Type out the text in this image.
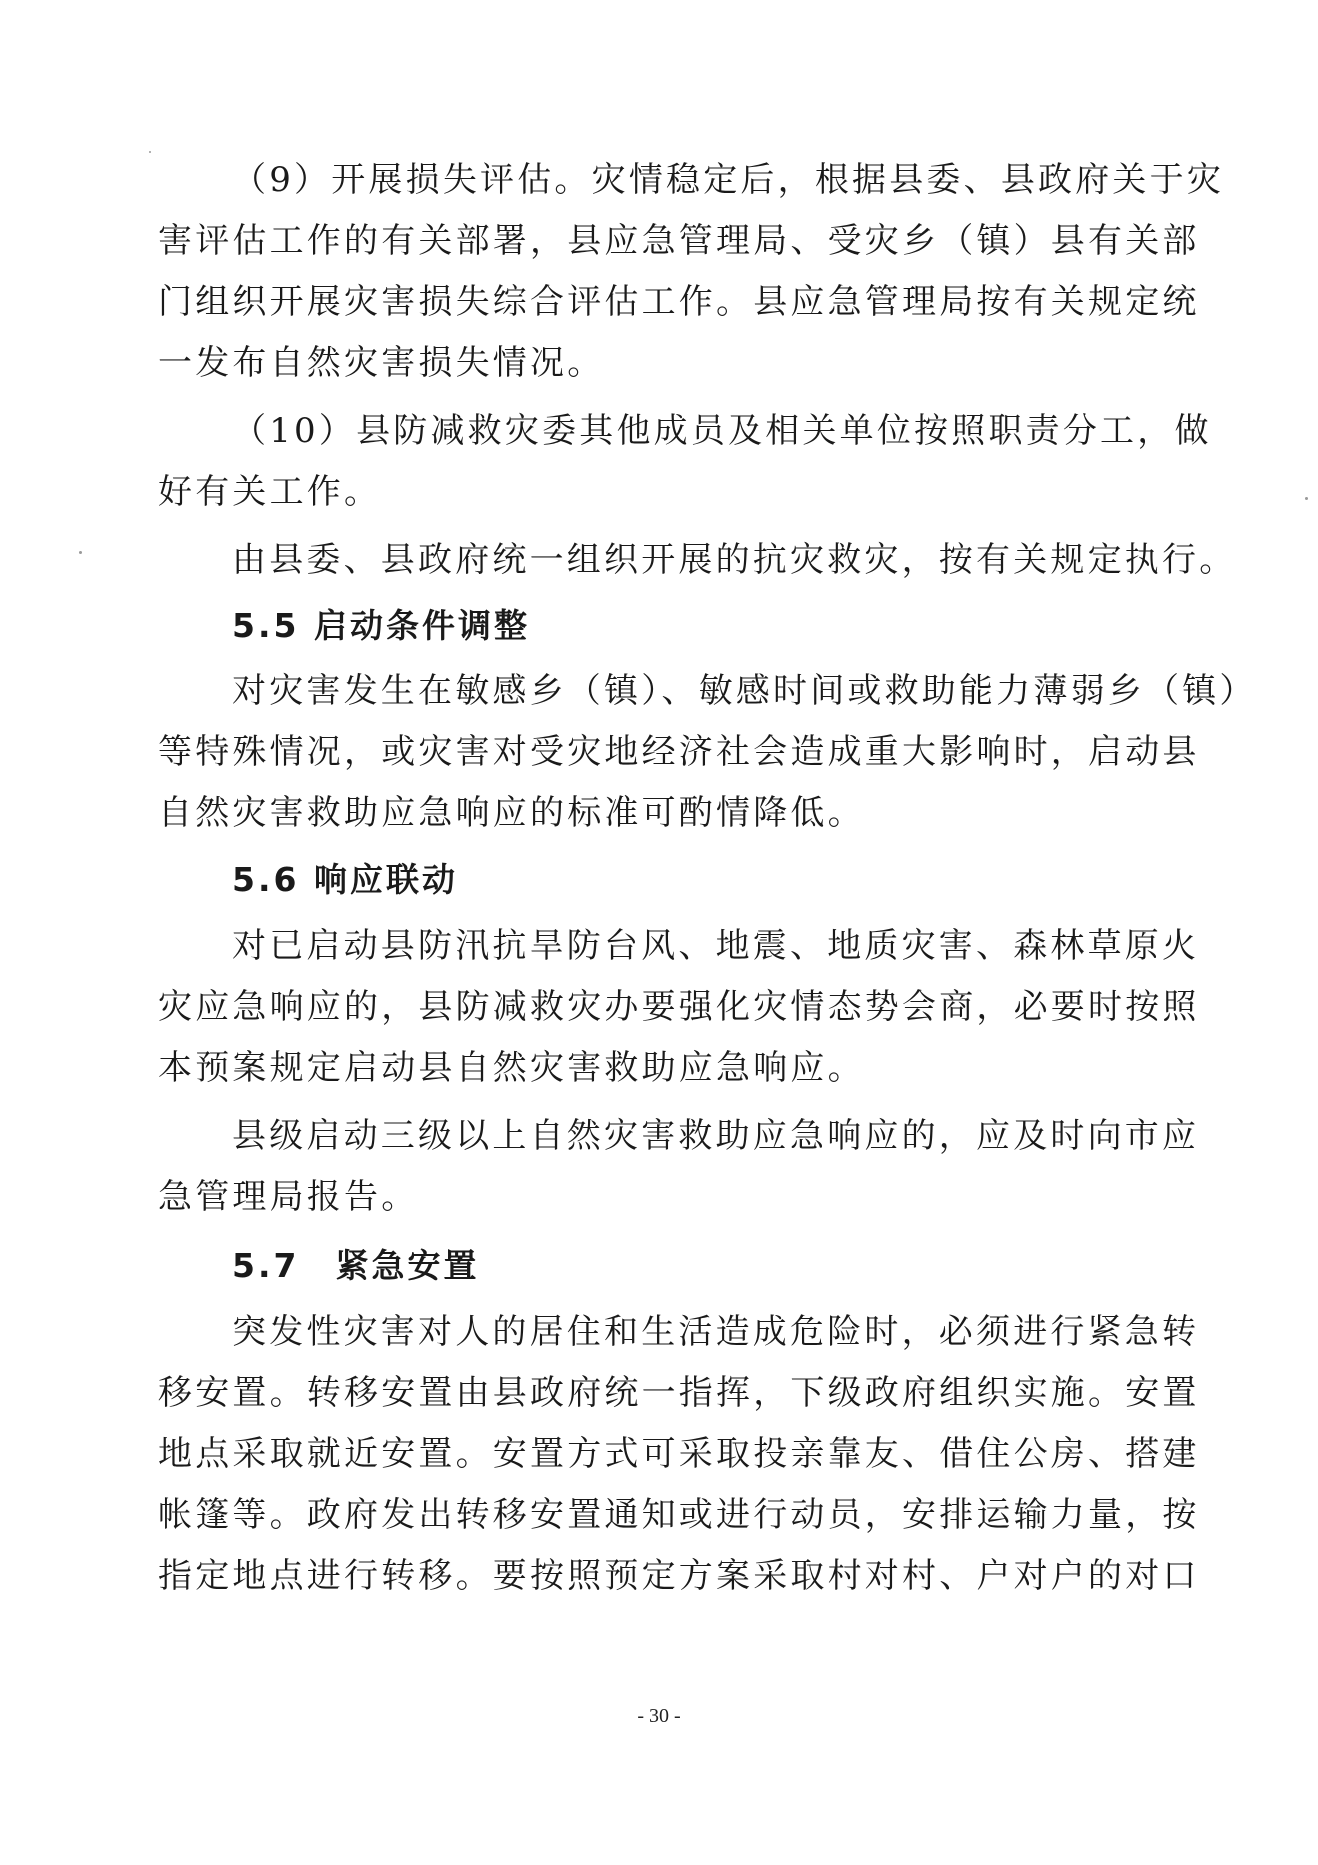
（9）开展损失评估。灾情稳定后，根据县委、县政府关于灾
害评估工作的有关部署，县应急管理局、受灾乡（镇）县有关部
门组织开展灾害损失综合评估工作。县应急管理局按有关规定统
一发布自然灾害损失情况。
（10）县防减救灾委其他成员及相关单位按照职责分工，做
好有关工作。
由县委、县政府统一组织开展的抗灾救灾，按有关规定执行。
5.5 启动条件调整
对灾害发生在敏感乡（镇）、敏感时间或救助能力薄弱乡（镇）
等特殊情况，或灾害对受灾地经济社会造成重大影响时，启动县
自然灾害救助应急响应的标准可酌情降低。
5.6 响应联动
对已启动县防汛抗旱防台风、地震、地质灾害、森林草原火
灾应急响应的，县防减救灾办要强化灾情态势会商，必要时按照
本预案规定启动县自然灾害救助应急响应。
县级启动三级以上自然灾害救助应急响应的，应及时向市应
急管理局报告。
5.7　紧急安置
突发性灾害对人的居住和生活造成危险时，必须进行紧急转
移安置。转移安置由县政府统一指挥，下级政府组织实施。安置
地点采取就近安置。安置方式可采取投亲靠友、借住公房、搭建
帐篷等。政府发出转移安置通知或进行动员，安排运输力量，按
指定地点进行转移。要按照预定方案采取村对村、户对户的对口
- 30 -
